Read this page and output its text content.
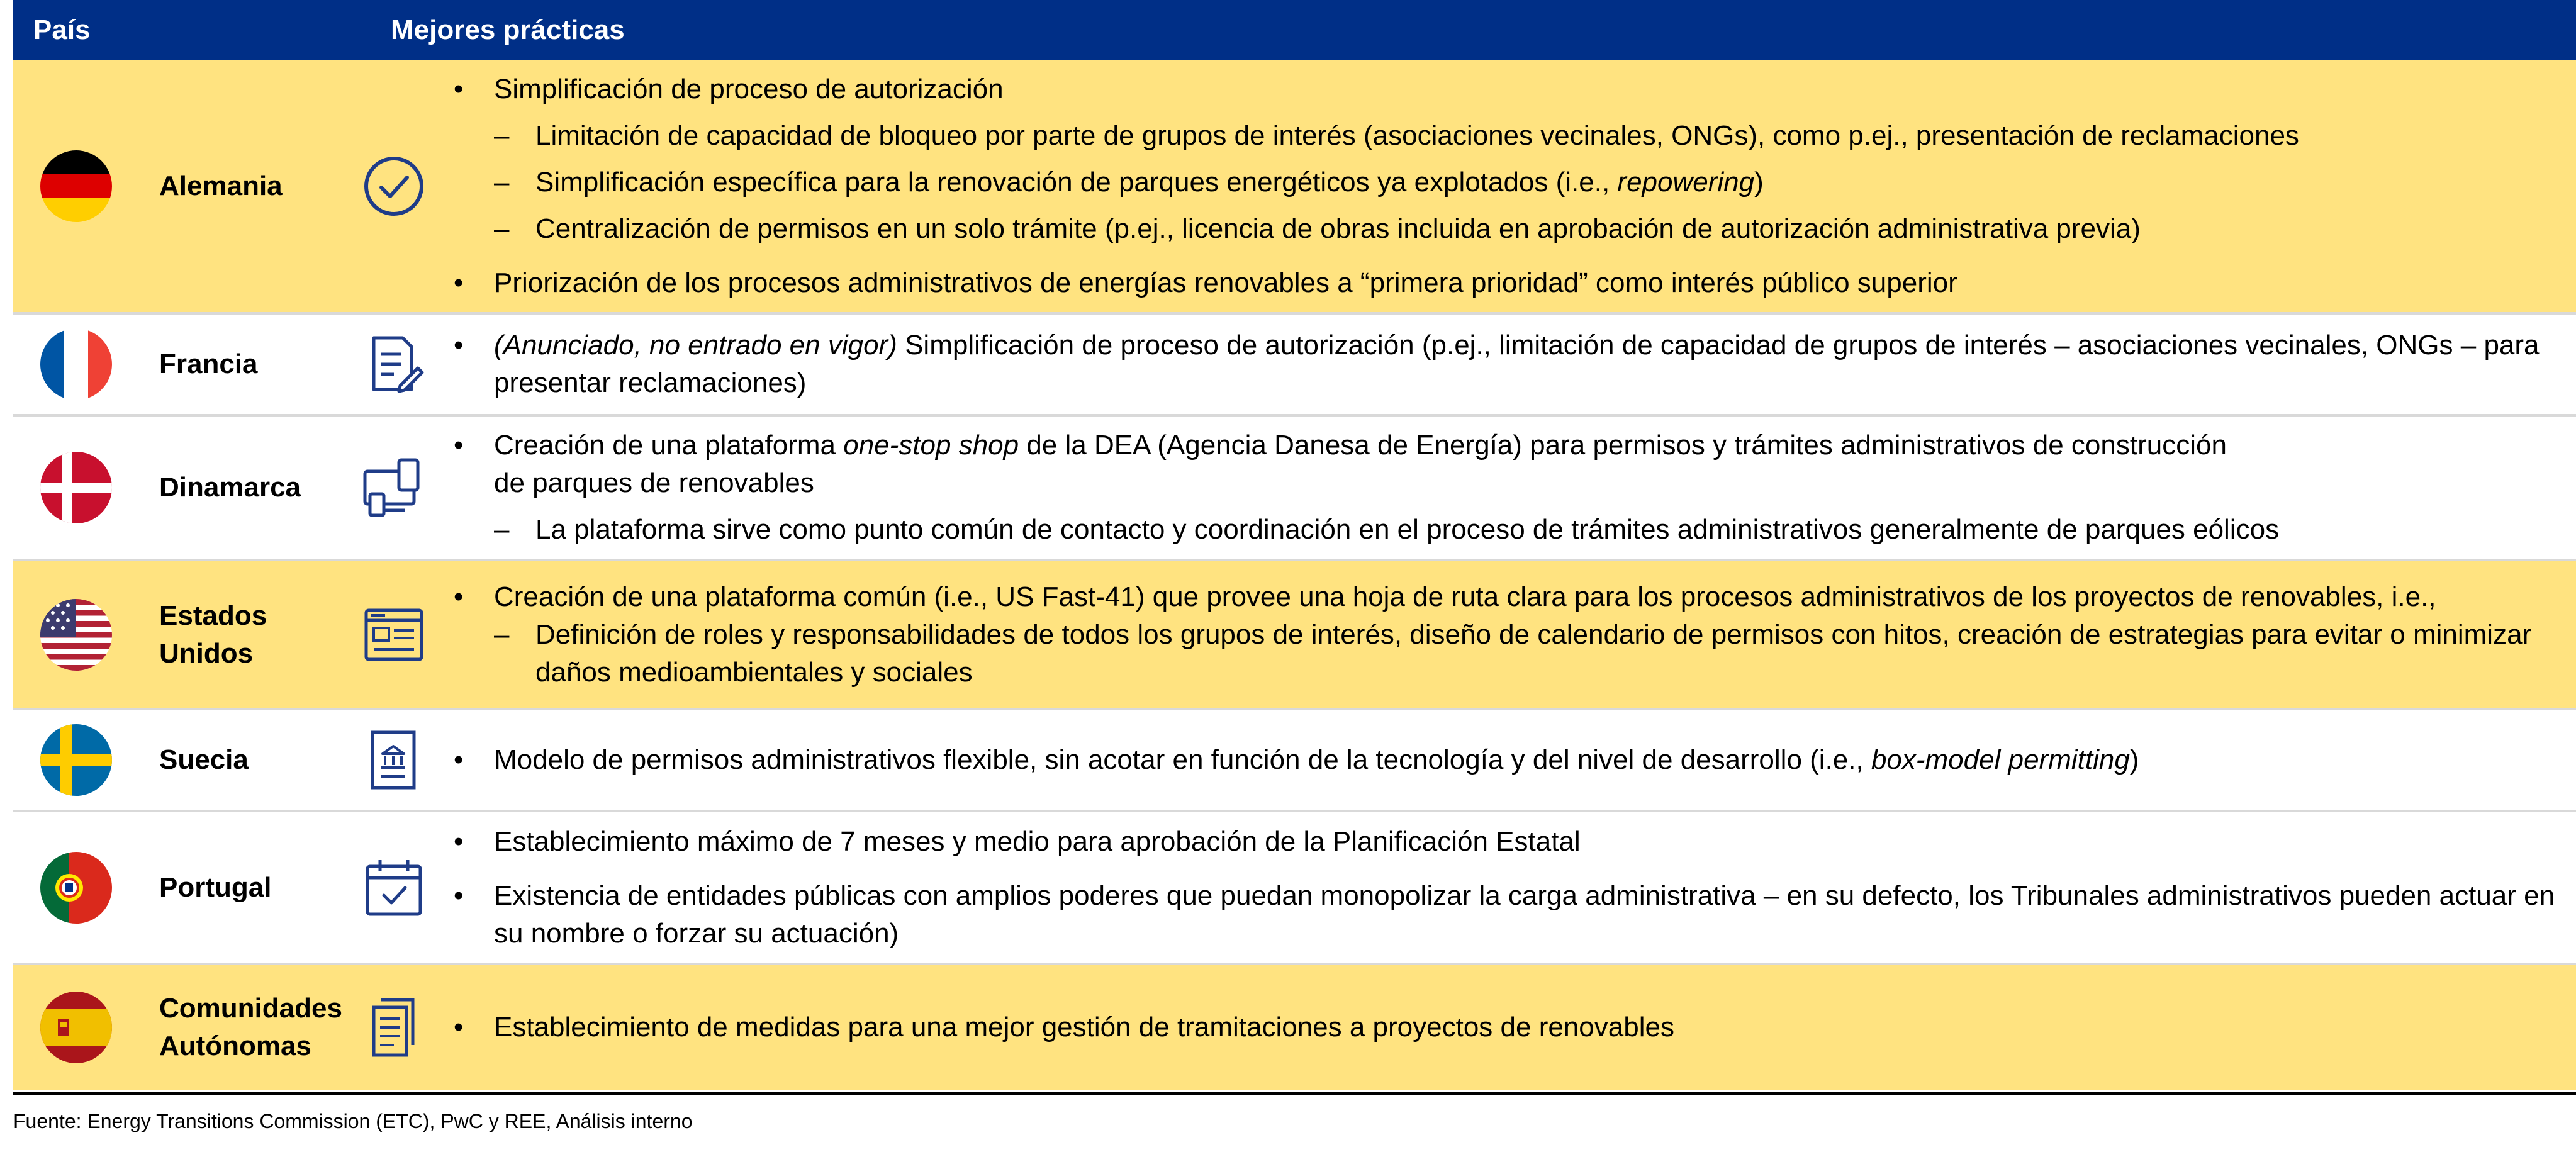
País	Mejores prácticas
Alemania
• Simplificación de proceso de autorización
– Limitación de capacidad de bloqueo por parte de grupos de interés (asociaciones vecinales, ONGs), como p.ej., presentación de reclamaciones
– Simplificación específica para la renovación de parques energéticos ya explotados (i.e., repowering)
– Centralización de permisos en un solo trámite (p.ej., licencia de obras incluida en aprobación de autorización administrativa previa)
• Priorización de los procesos administrativos de energías renovables a “primera prioridad” como interés público superior
Francia
• (Anunciado, no entrado en vigor) Simplificación de proceso de autorización (p.ej., limitación de capacidad de grupos de interés – asociaciones vecinales, ONGs – para presentar reclamaciones)
Dinamarca
• Creación de una plataforma one-stop shop de la DEA (Agencia Danesa de Energía) para permisos y trámites administrativos de construcción
de parques de renovables
– La plataforma sirve como punto común de contacto y coordinación en el proceso de trámites administrativos generalmente de parques eólicos
Estados
Unidos
• Creación de una plataforma común (i.e., US Fast-41) que provee una hoja de ruta clara para los procesos administrativos de los proyectos de renovables, i.e.,
– Definición de roles y responsabilidades de todos los grupos de interés, diseño de calendario de permisos con hitos, creación de estrategias para evitar o minimizar daños medioambientales y sociales
Suecia
•	Modelo de permisos administrativos flexible, sin acotar en función de la tecnología y del nivel de desarrollo (i.e., box-model permitting)
Portugal
• Establecimiento máximo de 7 meses y medio para aprobación de la Planificación Estatal
• Existencia de entidades públicas con amplios poderes que puedan monopolizar la carga administrativa – en su defecto, los Tribunales administrativos pueden actuar en su nombre o forzar su actuación)
Comunidades
Autónomas
• Establecimiento de medidas para una mejor gestión de tramitaciones a proyectos de renovables
Fuente: Energy Transitions Commission (ETC), PwC y REE, Análisis interno
